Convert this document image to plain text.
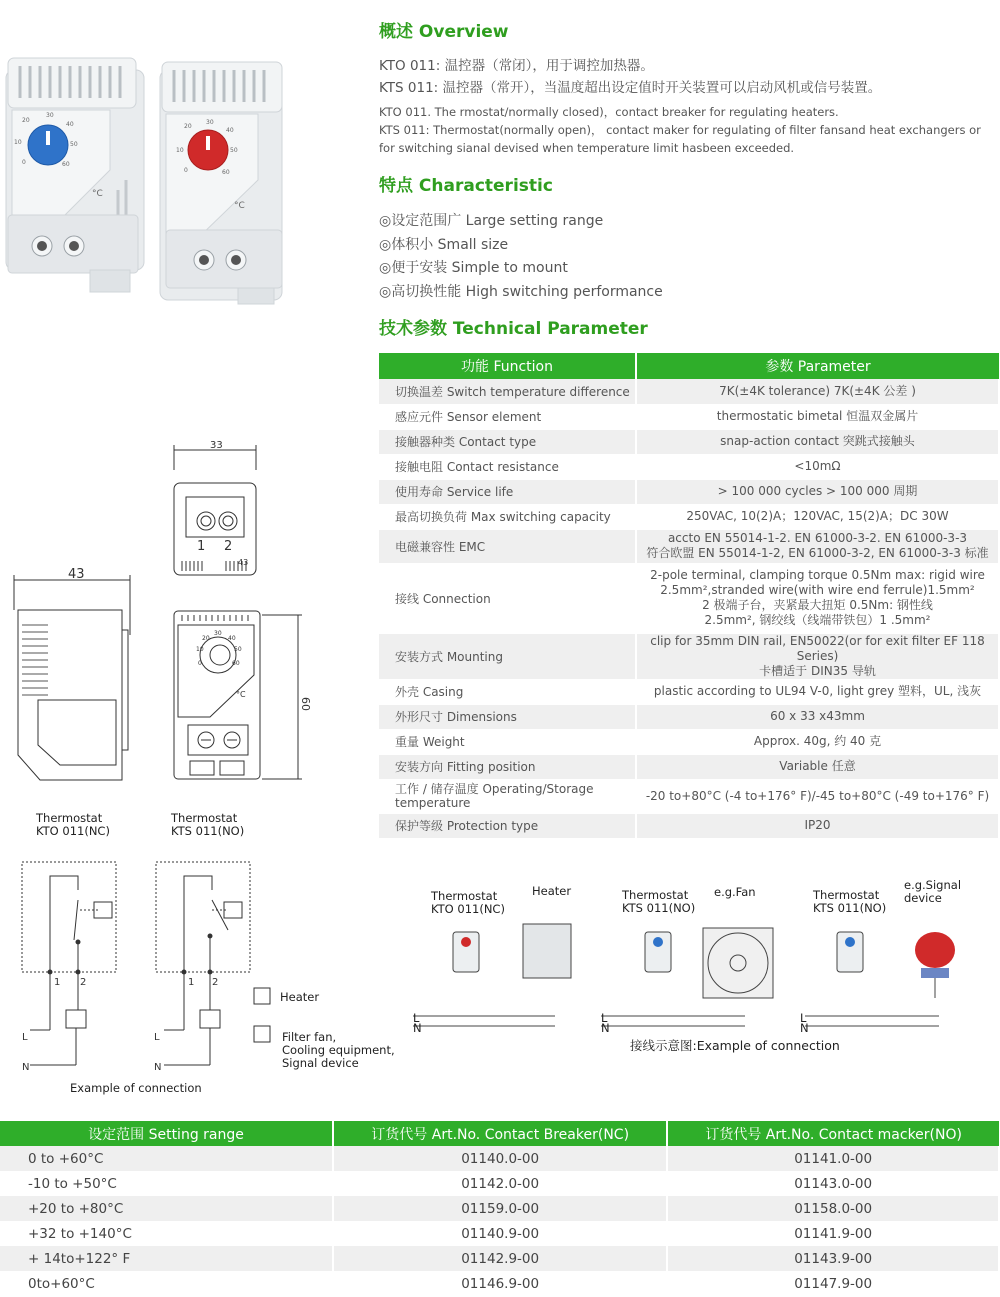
20
30
40
10	50
0	60
°C
20
30
40
10	50
0	60
°C
概述 Overview
KTO 011: 温控器（常闭），用于调控加热器。
KTS 011: 温控器（常开），当温度超出设定值时开关装置可以启动风机或信号装置。
KTO 011. The rmostat/normally closed)，contact breaker for regulating heaters.
KTS 011: Thermostat(normally open)， contact maker for regulating of filter fansand heat exchangers or for switching sianal devised when temperature limit hasbeen exceeded.
特点 Characteristic
◎设定范围广 Large setting range
◎体积小 Small size
◎便于安装 Simple to mount
◎高切换性能 High switching performance
技术参数 Technical Parameter
功能 Function	参数 Parameter
切换温差 Switch temperature difference	7K(±4K tolerance) 7K(±4K 公差 )

感应元件 Sensor element	thermostatic bimetal 恒温双金属片

接触器种类 Contact type	snap-action contact 突跳式接触头

接触电阻 Contact resistance	<10mΩ

使用寿命 Service life	> 100 000 cycles > 100 000 周期

最高切换负荷 Max switching capacity	250VAC, 10(2)A；120VAC, 15(2)A；DC 30W

电磁兼容性 EMC	accto EN 55014-1-2. EN 61000-3-2. EN 61000-3-3
符合欧盟 EN 55014-1-2, EN 61000-3-2, EN 61000-3-3 标准

接线 Connection	2-pole terminal, clamping torque 0.5Nm max: rigid wire
2.5mm²,stranded wire(with wire end ferrule)1.5mm²
2 极端子台，夹紧最大扭矩 0.5Nm: 钢性线
2.5mm², 钢绞线（线端带铁包）1 .5mm²

安装方式 Mounting	clip for 35mm DIN rail, EN50022(or for exit filter EF 118 Series)
卡槽适于 DIN35 导轨

外壳 Casing	plastic according to UL94 V-0, light grey 塑料，UL, 浅灰

外形尺寸 Dimensions	60 x 33 x43mm

重量 Weight	Approx. 40g, 约 40 克

安装方向 Fitting position	Variable 任意

工作 / 储存温度 Operating/Storage temperature	-20 to+80°C (-4 to+176° F)/-45 to+80°C (-49 to+176° F)

保护等级 Protection type	IP20
33
1 2
43
43
20
30
40
10	50
0	60
°C
60
Thermostat
KTO 011(NC)
Thermostat
KTS 011(NO)
1 2
L
N
1 2
L
N
Heater
Filter fan,
Cooling equipment,
Signal device
Example of connection
Thermostat
KTO 011(NC)
Heater	Thermostat
KTS 011(NO)
e.g.Fan	Thermostat
KTS 011(NO)
e.g.Signal
device
L
N
L
N
L
N
接线示意图:Example of connection
设定范围 Setting range	订货代号 Art.No. Contact Breaker(NC)	订货代号 Art.No. Contact macker(NO)
0 to +60°C	01140.0-00	01141.0-00
-10 to +50°C	01142.0-00	01143.0-00
+20 to +80°C	01159.0-00	01158.0-00
+32 to +140°C	01140.9-00	01141.9-00
+ 14to+122° F	01142.9-00	01143.9-00
0to+60°C	01146.9-00	01147.9-00
